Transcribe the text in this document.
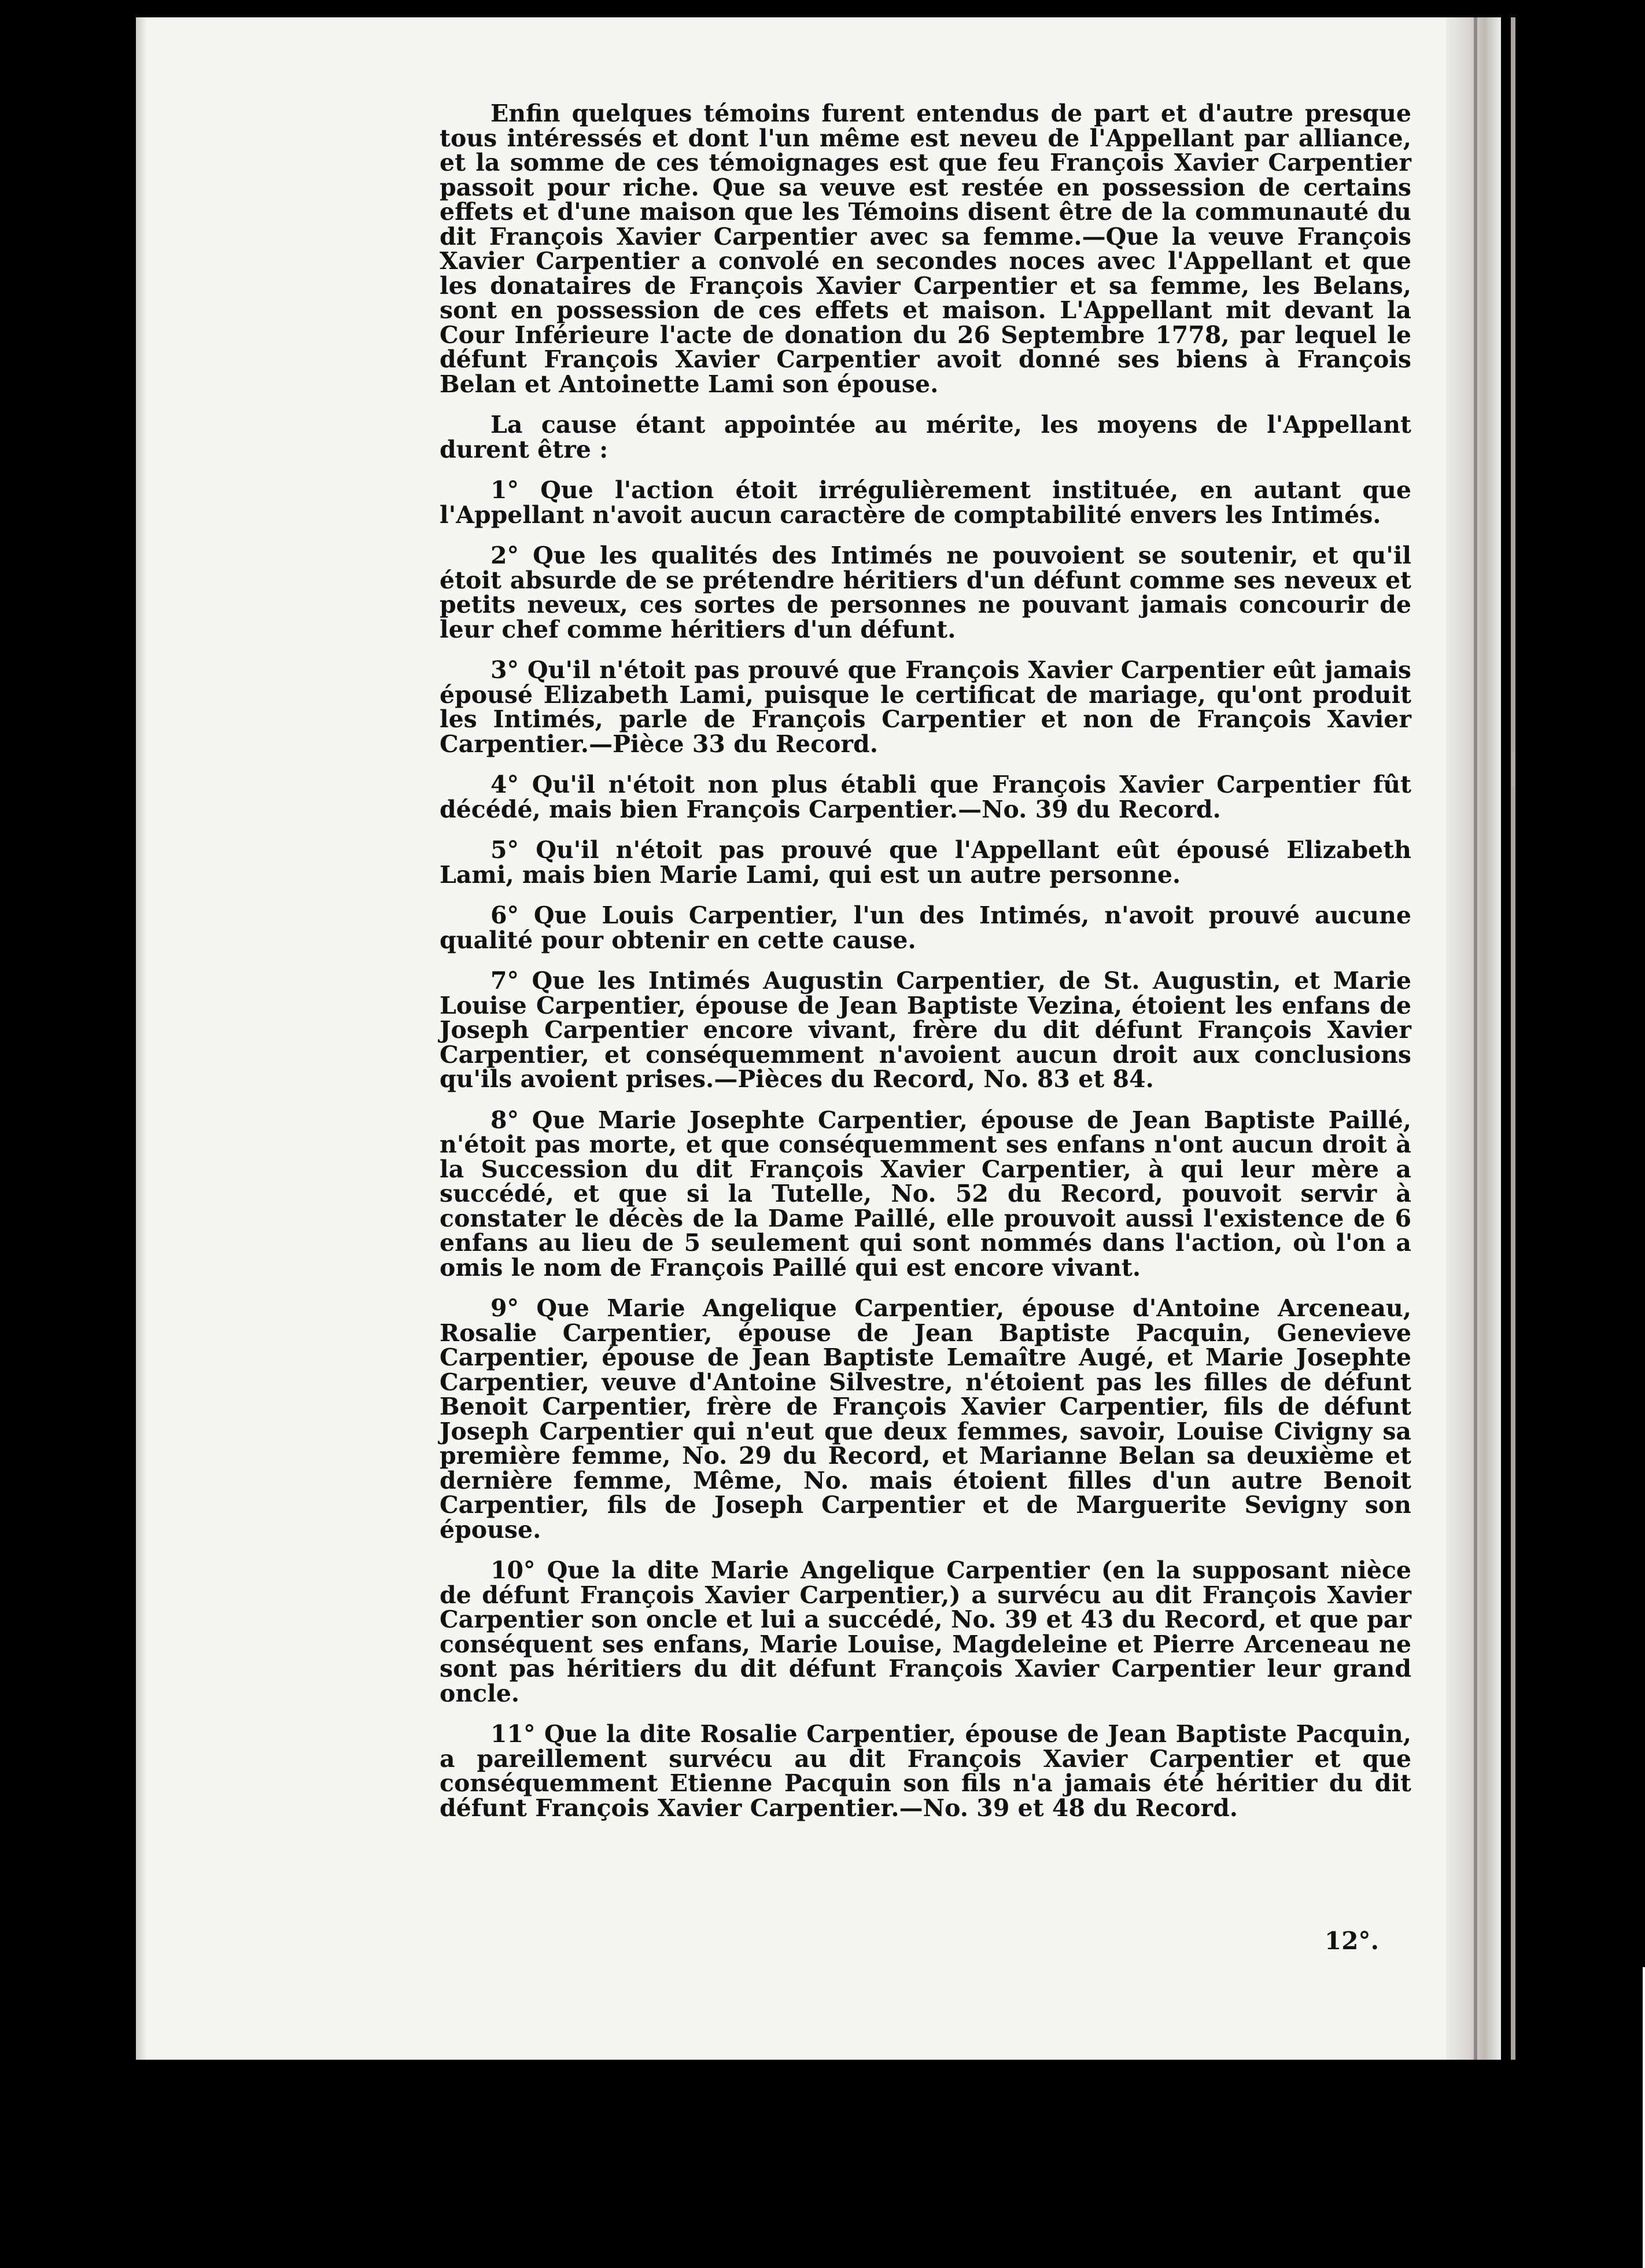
Enfin quelques témoins furent entendus de part et d'autre presque tous intéressés et dont l'un même est neveu de l'Appellant par alliance, et la somme de ces témoignages est que feu François Xavier Carpentier passoit pour riche. Que sa veuve est restée en possession de certains effets et d'une maison que les Témoins disent être de la communauté du dit François Xavier Carpentier avec sa femme.—Que la veuve François Xavier Carpentier a convolé en secondes noces avec l'Appellant et que les donataires de François Xavier Carpentier et sa femme, les Belans, sont en possession de ces effets et maison. L'Appellant mit devant la Cour Inférieure l'acte de donation du 26 Septembre 1778, par lequel le défunt François Xavier Carpentier avoit donné ses biens à François Belan et Antoinette Lami son épouse.

La cause étant appointée au mérite, les moyens de l'Appellant durent être :

1° Que l'action étoit irrégulièrement instituée, en autant que l'Appellant n'avoit aucun caractère de comptabilité envers les Intimés.

2° Que les qualités des Intimés ne pouvoient se soutenir, et qu'il étoit absurde de se prétendre héritiers d'un défunt comme ses neveux et petits neveux, ces sortes de personnes ne pouvant jamais concourir de leur chef comme héritiers d'un défunt.

3° Qu'il n'étoit pas prouvé que François Xavier Carpentier eût jamais épousé Elizabeth Lami, puisque le certificat de mariage, qu'ont produit les Intimés, parle de François Carpentier et non de François Xavier Carpentier.—Pièce 33 du Record.

4° Qu'il n'étoit non plus établi que François Xavier Carpentier fût décédé, mais bien François Carpentier.—No. 39 du Record.

5° Qu'il n'étoit pas prouvé que l'Appellant eût épousé Elizabeth Lami, mais bien Marie Lami, qui est un autre personne.

6° Que Louis Carpentier, l'un des Intimés, n'avoit prouvé aucune qualité pour obtenir en cette cause.

7° Que les Intimés Augustin Carpentier, de St. Augustin, et Marie Louise Carpentier, épouse de Jean Baptiste Vezina, étoient les enfans de Joseph Carpentier encore vivant, frère du dit défunt François Xavier Carpentier, et conséquemment n'avoient aucun droit aux conclusions qu'ils avoient prises.—Pièces du Record, No. 83 et 84.

8° Que Marie Josephte Carpentier, épouse de Jean Baptiste Paillé, n'étoit pas morte, et que conséquemment ses enfans n'ont aucun droit à la Succession du dit François Xavier Carpentier, à qui leur mère a succédé, et que si la Tutelle, No. 52 du Record, pouvoit servir à constater le décès de la Dame Paillé, elle prouvoit aussi l'existence de 6 enfans au lieu de 5 seulement qui sont nommés dans l'action, où l'on a omis le nom de François Paillé qui est encore vivant.

9° Que Marie Angelique Carpentier, épouse d'Antoine Arceneau, Rosalie Carpentier, épouse de Jean Baptiste Pacquin, Genevieve Carpentier, épouse de Jean Baptiste Lemaître Augé, et Marie Josephte Carpentier, veuve d'Antoine Silvestre, n'étoient pas les filles de défunt Benoit Carpentier, frère de François Xavier Carpentier, fils de défunt Joseph Carpentier qui n'eut que deux femmes, savoir, Louise Civigny sa première femme, No. 29 du Record, et Marianne Belan sa deuxième et dernière femme, Même, No. mais étoient filles d'un autre Benoit Carpentier, fils de Joseph Carpentier et de Marguerite Sevigny son épouse.

10° Que la dite Marie Angelique Carpentier (en la supposant nièce de défunt François Xavier Carpentier,) a survécu au dit François Xavier Carpentier son oncle et lui a succédé, No. 39 et 43 du Record, et que par conséquent ses enfans, Marie Louise, Magdeleine et Pierre Arceneau ne sont pas héritiers du dit défunt François Xavier Carpentier leur grand oncle.

11° Que la dite Rosalie Carpentier, épouse de Jean Baptiste Pacquin, a pareillement survécu au dit François Xavier Carpentier et que conséquemment Etienne Pacquin son fils n'a jamais été héritier du dit défunt François Xavier Carpentier.—No. 39 et 48 du Record.

12°.
